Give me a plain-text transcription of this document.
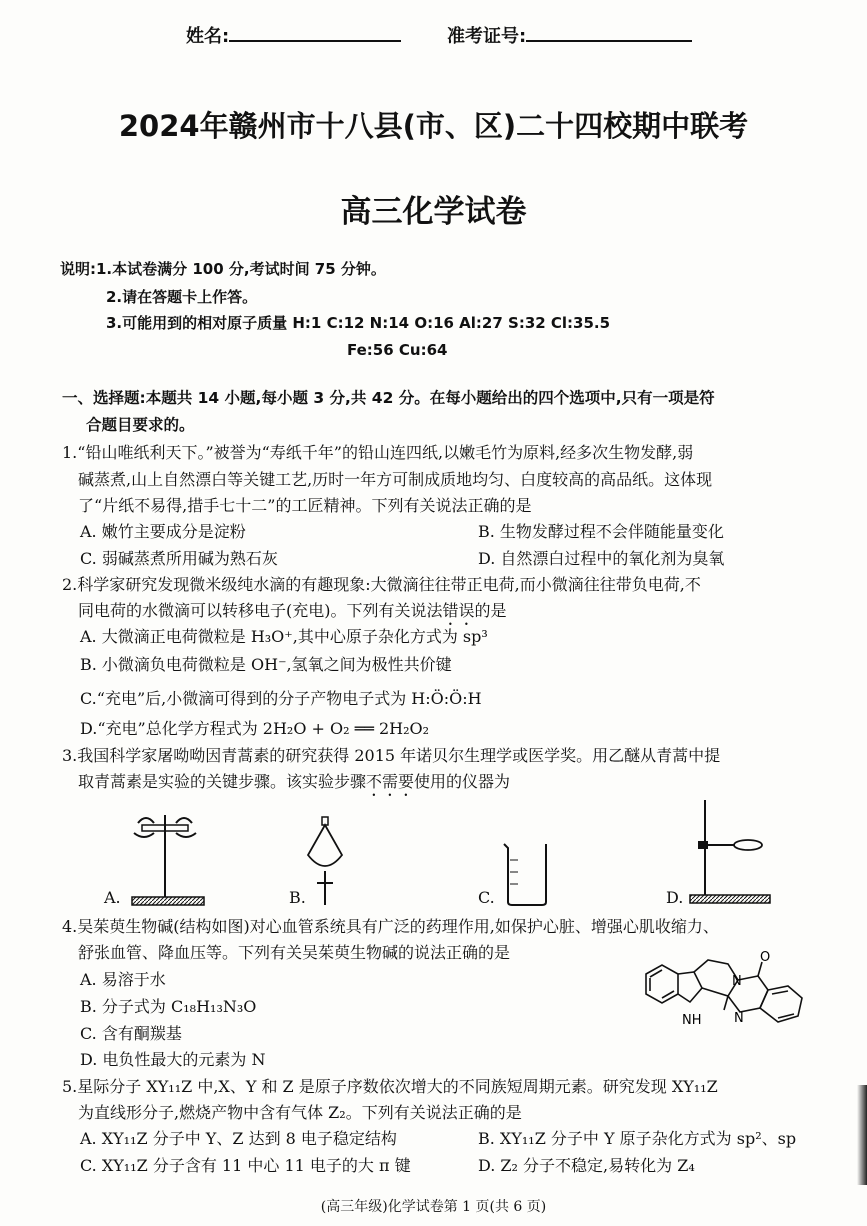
姓名:	准考证号:
2024年赣州市十八县(市、区)二十四校期中联考
高三化学试卷
说明:1.本试卷满分 100 分,考试时间 75 分钟。
2.请在答题卡上作答。
3.可能用到的相对原子质量 H:1 C:12 N:14 O:16 Al:27 S:32 Cl:35.5
Fe:56 Cu:64
一、选择题:本题共 14 小题,每小题 3 分,共 42 分。在每小题给出的四个选项中,只有一项是符
合题目要求的。
1.“铅山唯纸利天下。”被誉为“寿纸千年”的铅山连四纸,以嫩毛竹为原料,经多次生物发酵,弱
碱蒸煮,山上自然漂白等关键工艺,历时一年方可制成质地均匀、白度较高的高品纸。这体现
了“片纸不易得,措手七十二”的工匠精神。下列有关说法正确的是
A. 嫩竹主要成分是淀粉	B. 生物发酵过程不会伴随能量变化
C. 弱碱蒸煮所用碱为熟石灰	D. 自然漂白过程中的氧化剂为臭氧
2.科学家研究发现微米级纯水滴的有趣现象:大微滴往往带正电荷,而小微滴往往带负电荷,不
同电荷的水微滴可以转移电子(充电)。下列有关说法错误的是
A. 大微滴正电荷微粒是 H₃O⁺,其中心原子杂化方式为 sp³
B. 小微滴负电荷微粒是 OH⁻,氢氧之间为极性共价键
C.“充电”后,小微滴可得到的分子产物电子式为 H:Ö:Ö:H
D.“充电”总化学方程式为 2H₂O + O₂ ══ 2H₂O₂
3.我国科学家屠呦呦因青蒿素的研究获得 2015 年诺贝尔生理学或医学奖。用乙醚从青蒿中提
取青蒿素是实验的关键步骤。该实验步骤不需要使用的仪器为
A.	B.	C.	D.
4.吴茱萸生物碱(结构如图)对心血管系统具有广泛的药理作用,如保护心脏、增强心肌收缩力、
舒张血管、降血压等。下列有关吴茱萸生物碱的说法正确的是
A. 易溶于水
B. 分子式为 C₁₈H₁₃N₃O
C. 含有酮羰基
D. 电负性最大的元素为 N
O
N
NH	N
5.星际分子 XY₁₁Z 中,X、Y 和 Z 是原子序数依次增大的不同族短周期元素。研究发现 XY₁₁Z
为直线形分子,燃烧产物中含有气体 Z₂。下列有关说法正确的是
A. XY₁₁Z 分子中 Y、Z 达到 8 电子稳定结构	B. XY₁₁Z 分子中 Y 原子杂化方式为 sp²、sp
C. XY₁₁Z 分子含有 11 中心 11 电子的大 π 键	D. Z₂ 分子不稳定,易转化为 Z₄
(高三年级)化学试卷第 1 页(共 6 页)
